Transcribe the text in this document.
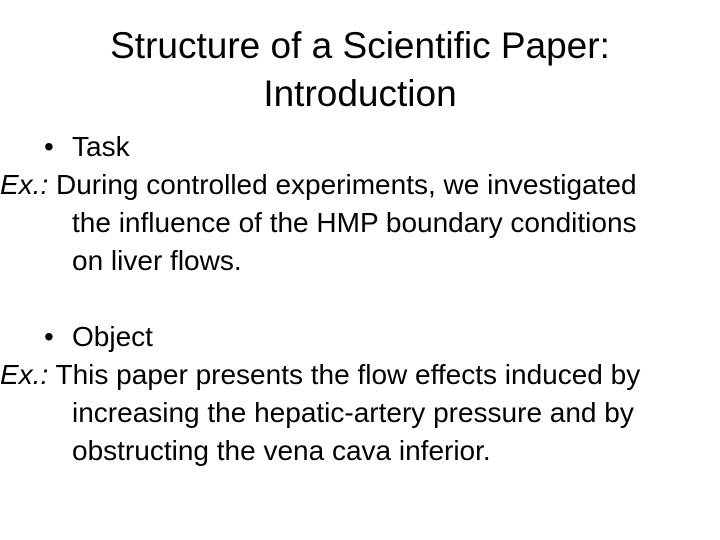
Structure of a Scientific Paper:
Introduction
• Task
Ex.: During controlled experiments, we investigated the influence of the HMP boundary conditions on liver flows.
• Object
Ex.: This paper presents the flow effects induced by increasing the hepatic-artery pressure and by obstructing the vena cava inferior.
